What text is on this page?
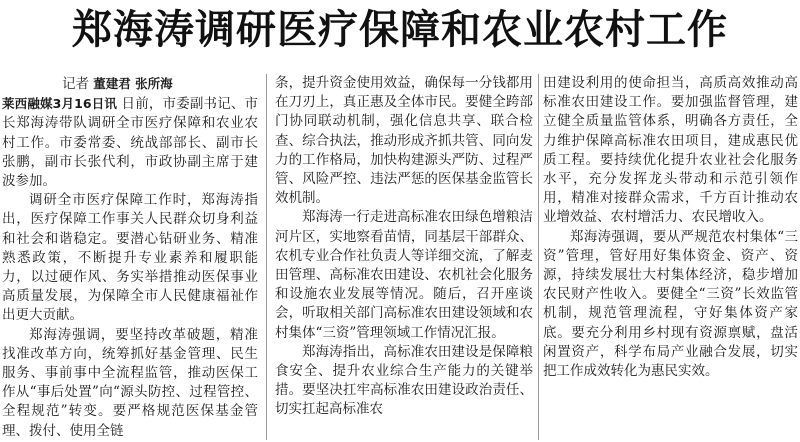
郑海涛调研医疗保障和农业农村工作
记者 董建君 张所海

莱西融媒3月16日讯 日前，市委副书记、市长郑海涛带队调研全市医疗保障和农业农村工作。市委常委、统战部部长、副市长张鹏，副市长张代利，市政协副主席于建波参加。

调研全市医疗保障工作时，郑海涛指出，医疗保障工作事关人民群众切身利益和社会和谐稳定。要潜心钻研业务、精准熟悉政策，不断提升专业素养和履职能力，以过硬作风、务实举措推动医保事业高质量发展，为保障全市人民健康福祉作出更大贡献。

郑海涛强调，要坚持改革破题，精准找准改革方向，统筹抓好基金管理、民生服务、事前事中全流程监管，推动医保工作从“事后处置”向“源头防控、过程管控、全程规范”转变。要严格规范医保基金管理、拨付、使用全链

条，提升资金使用效益，确保每一分钱都用在刀刃上，真正惠及全体市民。要健全跨部门协同联动机制，强化信息共享、联合检查、综合执法，推动形成齐抓共管、同向发力的工作格局，加快构建源头严防、过程严管、风险严控、违法严惩的医保基金监管长效机制。

郑海涛一行走进高标准农田绿色增粮洁河片区，实地察看苗情，同基层干部群众、农机专业合作社负责人等详细交流，了解麦田管理、高标准农田建设、农机社会化服务和设施农业发展等情况。随后，召开座谈会，听取相关部门高标准农田建设领域和农村集体“三资”管理领域工作情况汇报。

郑海涛指出，高标准农田建设是保障粮食安全、提升农业综合生产能力的关键举措。要坚决扛牢高标准农田建设政治责任、切实扛起高标准农

田建设利用的使命担当，高质高效推动高标准农田建设工作。要加强监督管理，建立健全质量监管体系，明确各方责任，全力维护保障高标准农田项目，建成惠民优质工程。要持续优化提升农业社会化服务水平，充分发挥龙头带动和示范引领作用，精准对接群众需求，千方百计推动农业增效益、农村增活力、农民增收入。

郑海涛强调，要从严规范农村集体“三资”管理，管好用好集体资金、资产、资源，持续发展壮大村集体经济，稳步增加农民财产性收入。要健全“三资”长效监管机制，规范管理流程，守好集体资产家底。要充分利用乡村现有资源禀赋，盘活闲置资产，科学布局产业融合发展，切实把工作成效转化为惠民实效。
